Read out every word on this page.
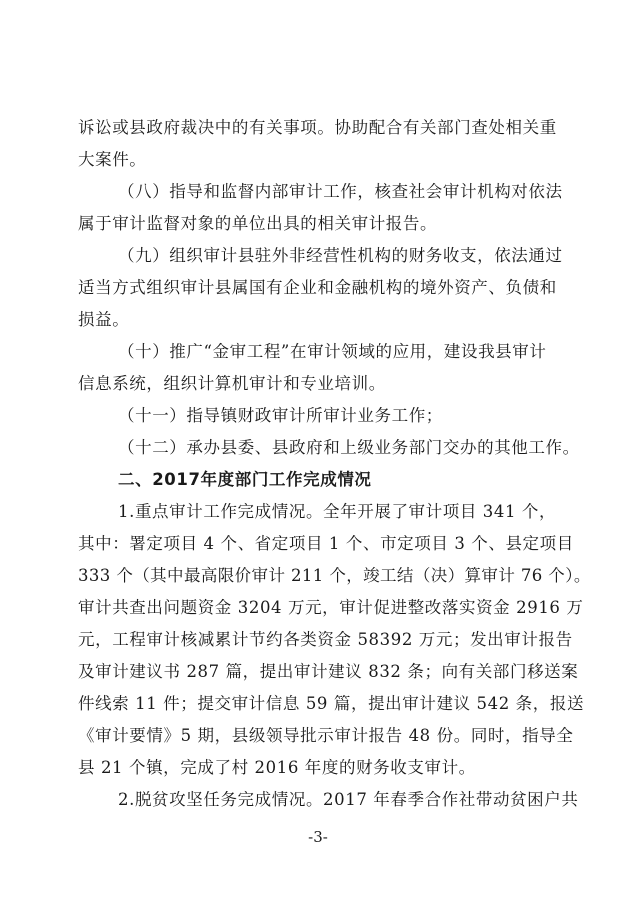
诉讼或县政府裁决中的有关事项。协助配合有关部门查处相关重
大案件。
（八）指导和监督内部审计工作，核查社会审计机构对依法
属于审计监督对象的单位出具的相关审计报告。
（九）组织审计县驻外非经营性机构的财务收支，依法通过
适当方式组织审计县属国有企业和金融机构的境外资产、负债和
损益。
（十）推广“金审工程”在审计领域的应用，建设我县审计
信息系统，组织计算机审计和专业培训。
（十一）指导镇财政审计所审计业务工作；
（十二）承办县委、县政府和上级业务部门交办的其他工作。
二、2017年度部门工作完成情况
1.重点审计工作完成情况。全年开展了审计项目 341 个，
其中：署定项目 4 个、省定项目 1 个、市定项目 3 个、县定项目
333 个（其中最高限价审计 211 个，竣工结（决）算审计 76 个）。
审计共查出问题资金 3204 万元，审计促进整改落实资金 2916 万
元，工程审计核减累计节约各类资金 58392 万元；发出审计报告
及审计建议书 287 篇，提出审计建议 832 条；向有关部门移送案
件线索 11 件；提交审计信息 59 篇，提出审计建议 542 条，报送
《审计要情》5 期，县级领导批示审计报告 48 份。同时，指导全
县 21 个镇，完成了村 2016 年度的财务收支审计。
2.脱贫攻坚任务完成情况。2017 年春季合作社带动贫困户共
-3-
